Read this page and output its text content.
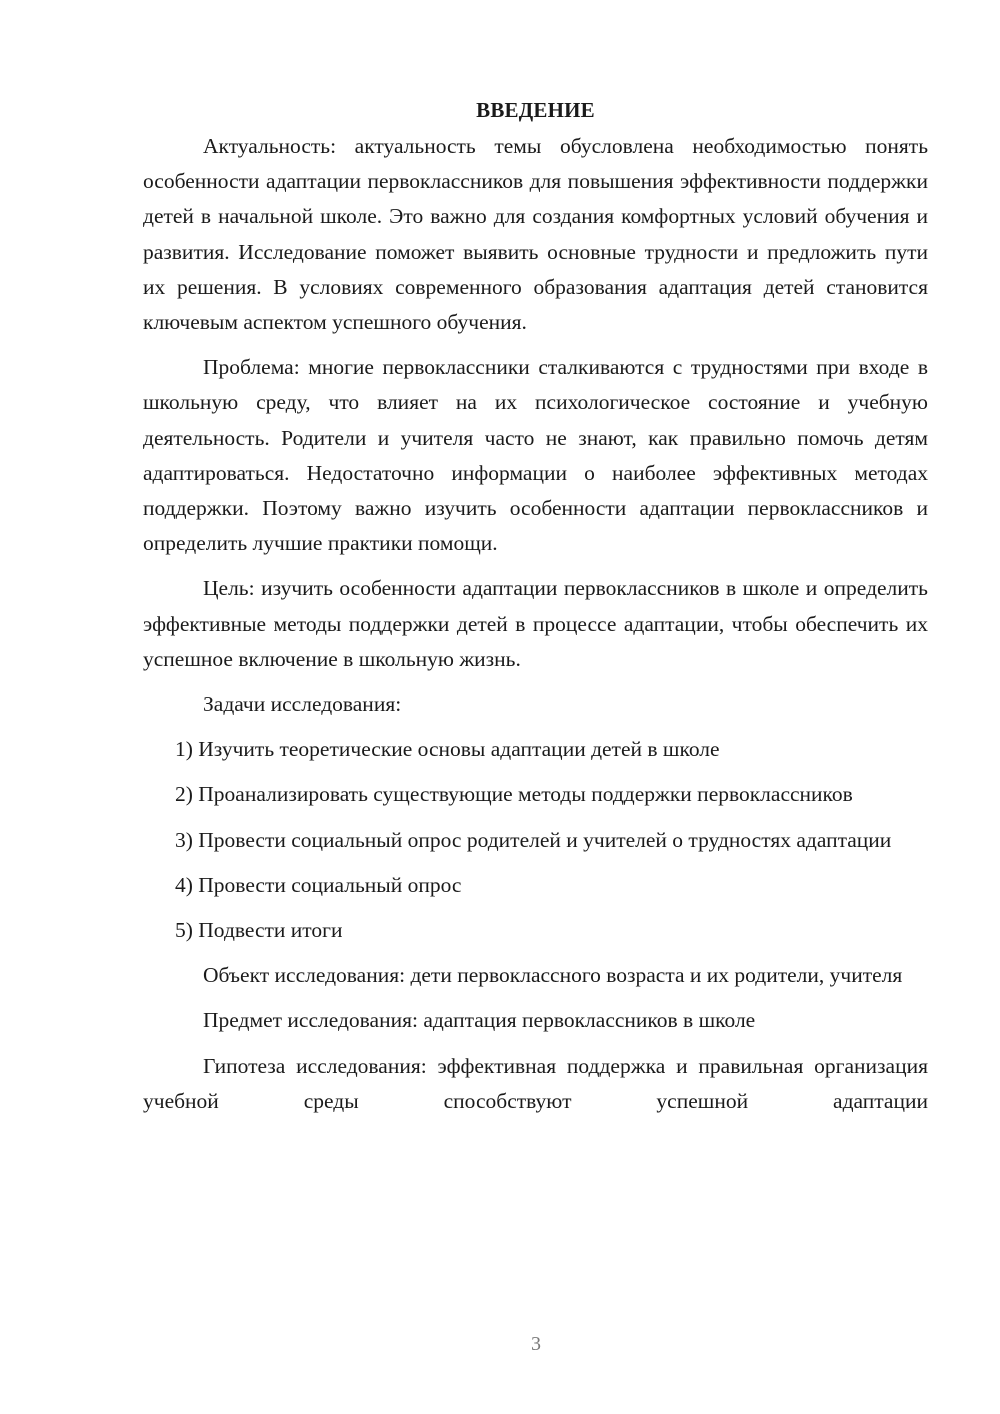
ВВЕДЕНИЕ

Актуальность: актуальность темы обусловлена необходимостью понять особенности адаптации первоклассников для повышения эффективности поддержки детей в начальной школе. Это важно для создания комфортных условий обучения и развития. Исследование поможет выявить основные трудности и предложить пути их решения. В условиях современного образования адаптация детей становится ключевым аспектом успешного обучения.

Проблема: многие первоклассники сталкиваются с трудностями при входе в школьную среду, что влияет на их психологическое состояние и учебную деятельность. Родители и учителя часто не знают, как правильно помочь детям адаптироваться. Недостаточно информации о наиболее эффективных методах поддержки. Поэтому важно изучить особенности адаптации первоклассников и определить лучшие практики помощи.

Цель: изучить особенности адаптации первоклассников в школе и определить эффективные методы поддержки детей в процессе адаптации, чтобы обеспечить их успешное включение в школьную жизнь.

Задачи исследования:

1) Изучить теоретические основы адаптации детей в школе

2) Проанализировать существующие методы поддержки первоклассников

3) Провести социальный опрос родителей и учителей о трудностях адаптации

4) Провести социальный опрос

5) Подвести итоги

Объект исследования: дети первоклассного возраста и их родители, учителя

Предмет исследования: адаптация первоклассников в школе

Гипотеза исследования: эффективная поддержка и правильная организация учебной среды способствуют успешной адаптации

3
